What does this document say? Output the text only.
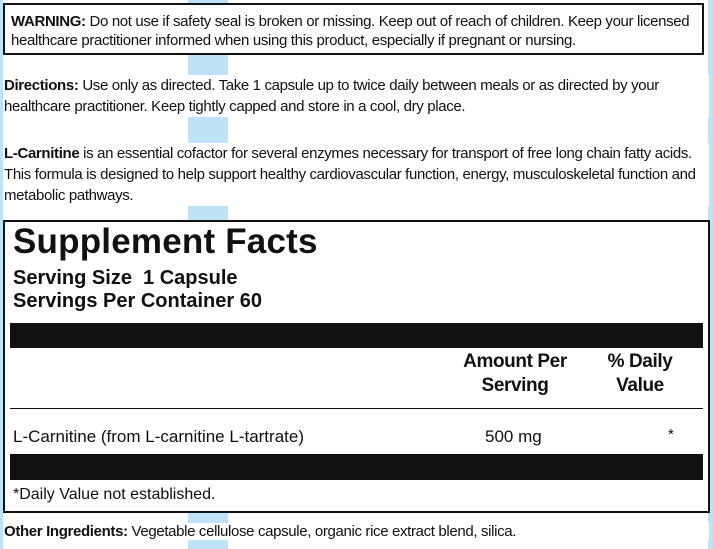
WARNING: Do not use if safety seal is broken or missing. Keep out of reach of children. Keep your licensed healthcare practitioner informed when using this product, especially if pregnant or nursing.
Directions: Use only as directed. Take 1 capsule up to twice daily between meals or as directed by your healthcare practitioner. Keep tightly capped and store in a cool, dry place.
L-Carnitine is an essential cofactor for several enzymes necessary for transport of free long chain fatty acids. This formula is designed to help support healthy cardiovascular function, energy, musculoskeletal function and metabolic pathways.
Supplement Facts
Serving Size  1 Capsule
Servings Per Container 60
Amount Per Serving
% Daily Value
L-Carnitine (from L-carnitine L-tartrate)	500 mg	*
*Daily Value not established.
Other Ingredients: Vegetable cellulose capsule, organic rice extract blend, silica.
